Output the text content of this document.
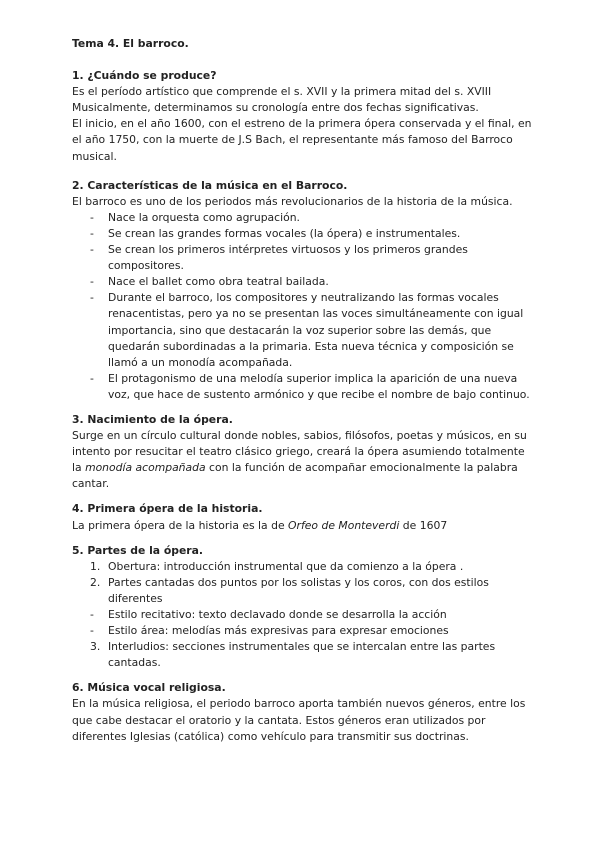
Tema 4. El barroco.
1. ¿Cuándo se produce?

Es el período artístico que comprende el s. XVII y la primera mitad del s. XVIII Musicalmente, determinamos su cronología entre dos fechas significativas.

El inicio, en el año 1600, con el estreno de la primera ópera conservada y el final, en el año 1750, con la muerte de J.S Bach, el representante más famoso del Barroco musical.

2. Características de la música en el Barroco.

El barroco es uno de los periodos más revolucionarios de la historia de la música.

- Nace la orquesta como agrupación.
- Se crean las grandes formas vocales (la ópera) e instrumentales.
- Se crean los primeros intérpretes virtuosos y los primeros grandes compositores.
- Nace el ballet como obra teatral bailada.
- Durante el barroco, los compositores y neutralizando las formas vocales renacentistas, pero ya no se presentan las voces simultáneamente con igual importancia, sino que destacarán la voz superior sobre las demás, que quedarán subordinadas a la primaria. Esta nueva técnica y composición se llamó a un monodía acompañada.
- El protagonismo de una melodía superior implica la aparición de una nueva voz, que hace de sustento armónico y que recibe el nombre de bajo continuo.
3. Nacimiento de la ópera.

Surge en un círculo cultural donde nobles, sabios, filósofos, poetas y músicos, en su intento por resucitar el teatro clásico griego, creará la ópera asumiendo totalmente la monodía acompañada con la función de acompañar emocionalmente la palabra cantar.

4. Primera ópera de la historia.

La primera ópera de la historia es la de Orfeo de Monteverdi de 1607

5. Partes de la ópera.
1. Obertura: introducción instrumental que da comienzo a la ópera .
2. Partes cantadas dos puntos por los solistas y los coros, con dos estilos diferentes
- Estilo recitativo: texto declavado donde se desarrolla la acción
- Estilo área: melodías más expresivas para expresar emociones
3. Interludios: secciones instrumentales que se intercalan entre las partes cantadas.
6. Música vocal religiosa.

En la música religiosa, el periodo barroco aporta también nuevos géneros, entre los que cabe destacar el oratorio y la cantata. Estos géneros eran utilizados por diferentes Iglesias (católica) como vehículo para transmitir sus doctrinas.
